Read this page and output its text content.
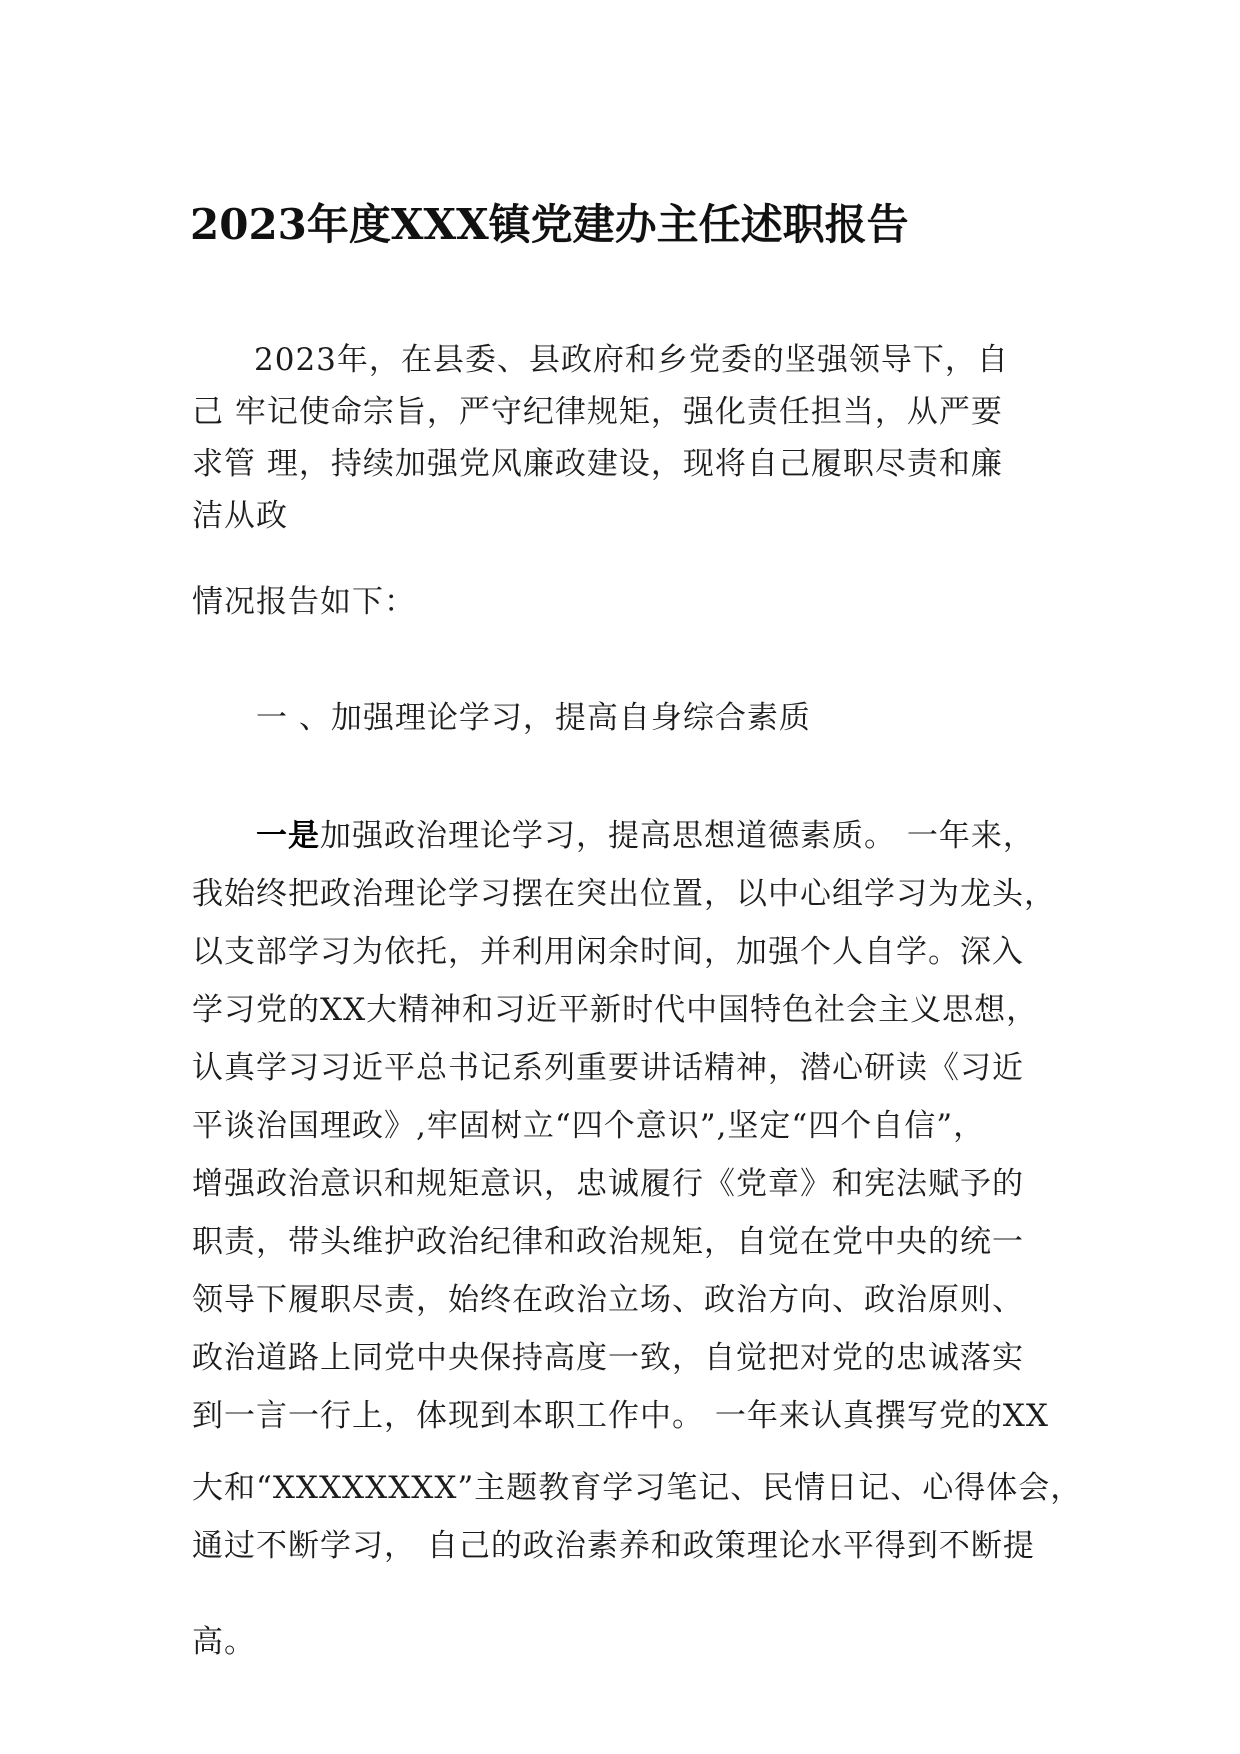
2023年度XXX镇党建办主任述职报告
2023年，在县委、县政府和乡党委的坚强领导下，自
己 牢记使命宗旨，严守纪律规矩，强化责任担当，从严要
求管 理，持续加强党风廉政建设，现将自己履职尽责和廉
洁从政
情况报告如下：
一 、加强理论学习，提高自身综合素质
一是加强政治理论学习，提高思想道德素质。 一年来，
我始终把政治理论学习摆在突出位置，以中心组学习为龙头，
以支部学习为依托，并利用闲余时间，加强个人自学。深入
学习党的XX大精神和习近平新时代中国特色社会主义思想，
认真学习习近平总书记系列重要讲话精神，潜心研读《习近
平谈治国理政》,牢固树立“四个意识”,坚定“四个自信”，
增强政治意识和规矩意识，忠诚履行《党章》和宪法赋予的
职责，带头维护政治纪律和政治规矩，自觉在党中央的统一
领导下履职尽责，始终在政治立场、政治方向、政治原则、
政治道路上同党中央保持高度一致，自觉把对党的忠诚落实
到一言一行上，体现到本职工作中。 一年来认真撰写党的XX
大和“XXXXXXXX”主题教育学习笔记、民情日记、心得体会，
通过不断学习， 自己的政治素养和政策理论水平得到不断提
高。
